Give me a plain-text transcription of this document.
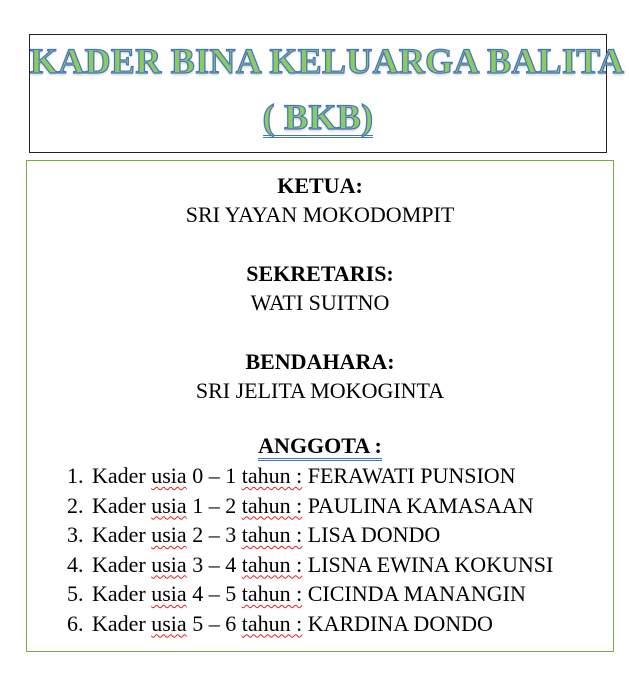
KADER BINA KELUARGA BALITA
( BKB)
KETUA:
SRI YAYAN MOKODOMPIT
SEKRETARIS:
WATI SUITNO
BENDAHARA:
SRI JELITA MOKOGINTA
ANGGOTA :
1. Kader usia 0 – 1 tahun : FERAWATI PUNSION
2. Kader usia 1 – 2 tahun : PAULINA KAMASAAN
3. Kader usia 2 – 3 tahun : LISA DONDO
4. Kader usia 3 – 4 tahun : LISNA EWINA KOKUNSI
5. Kader usia 4 – 5 tahun : CICINDA MANANGIN
6. Kader usia 5 – 6 tahun : KARDINA DONDO
